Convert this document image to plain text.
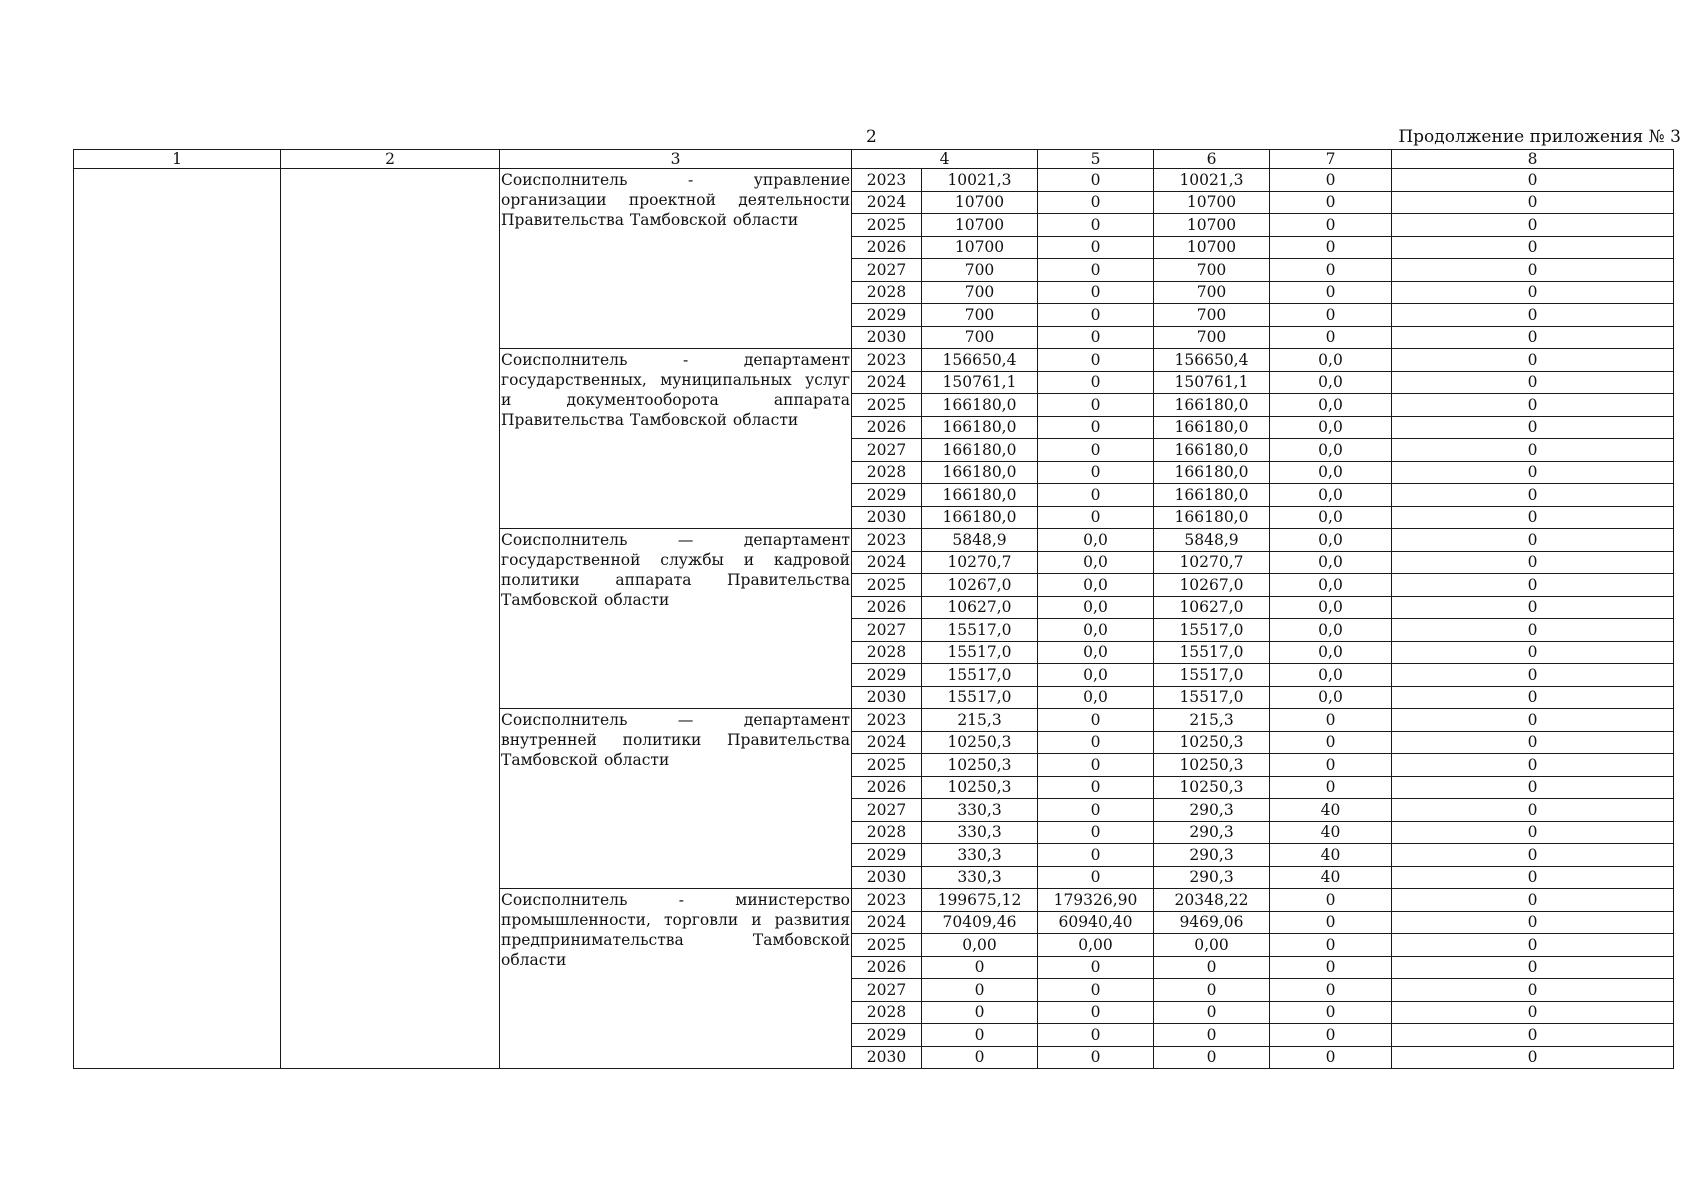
2	Продолжение приложения № 3
1	2	3	4		5	6	7	8
		Соисполнитель - управление организации проектной деятельности Правительства Тамбовской области	2023	10021,3	0	10021,3	0	0
			2024	10700	0	10700	0	0
			2025	10700	0	10700	0	0
			2026	10700	0	10700	0	0
			2027	700	0	700	0	0
			2028	700	0	700	0	0
			2029	700	0	700	0	0
			2030	700	0	700	0	0
		Соисполнитель - департамент государственных, муниципальных услуг и документооборота аппарата Правительства Тамбовской области	2023	156650,4	0	156650,4	0,0	0
			2024	150761,1	0	150761,1	0,0	0
			2025	166180,0	0	166180,0	0,0	0
			2026	166180,0	0	166180,0	0,0	0
			2027	166180,0	0	166180,0	0,0	0
			2028	166180,0	0	166180,0	0,0	0
			2029	166180,0	0	166180,0	0,0	0
			2030	166180,0	0	166180,0	0,0	0
		Соисполнитель — департамент государственной службы и кадровой политики аппарата Правительства Тамбовской области	2023	5848,9	0,0	5848,9	0,0	0
			2024	10270,7	0,0	10270,7	0,0	0
			2025	10267,0	0,0	10267,0	0,0	0
			2026	10627,0	0,0	10627,0	0,0	0
			2027	15517,0	0,0	15517,0	0,0	0
			2028	15517,0	0,0	15517,0	0,0	0
			2029	15517,0	0,0	15517,0	0,0	0
			2030	15517,0	0,0	15517,0	0,0	0
		Соисполнитель — департамент внутренней политики Правительства Тамбовской области	2023	215,3	0	215,3	0	0
			2024	10250,3	0	10250,3	0	0
			2025	10250,3	0	10250,3	0	0
			2026	10250,3	0	10250,3	0	0
			2027	330,3	0	290,3	40	0
			2028	330,3	0	290,3	40	0
			2029	330,3	0	290,3	40	0
			2030	330,3	0	290,3	40	0
		Соисполнитель - министерство промышленности, торговли и развития предпринимательства Тамбовской области	2023	199675,12	179326,90	20348,22	0	0
			2024	70409,46	60940,40	9469,06	0	0
			2025	0,00	0,00	0,00	0	0
			2026	0	0	0	0	0
			2027	0	0	0	0	0
			2028	0	0	0	0	0
			2029	0	0	0	0	0
			2030	0	0	0	0	0
